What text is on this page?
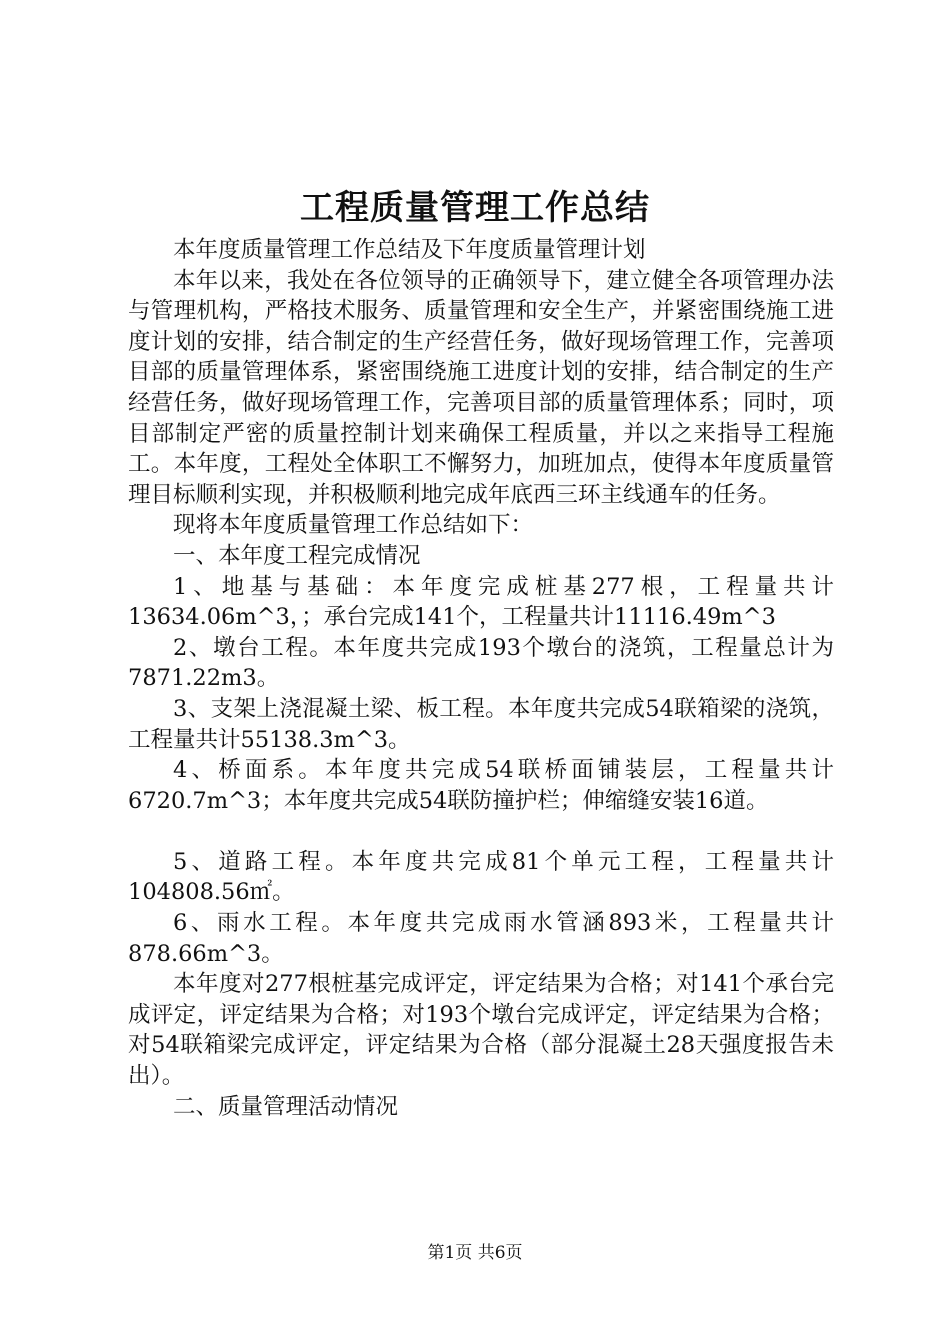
工程质量管理工作总结

本年度质量管理工作总结及下年度质量管理计划

本年以来，我处在各位领导的正确领导下，建立健全各项管理办法与管理机构，严格技术服务、质量管理和安全生产，并紧密围绕施工进度计划的安排，结合制定的生产经营任务，做好现场管理工作，完善项目部的质量管理体系，紧密围绕施工进度计划的安排，结合制定的生产经营任务，做好现场管理工作，完善项目部的质量管理体系；同时，项目部制定严密的质量控制计划来确保工程质量，并以之来指导工程施工。本年度，工程处全体职工不懈努力，加班加点，使得本年度质量管理目标顺利实现，并积极顺利地完成年底西三环主线通车的任务。

现将本年度质量管理工作总结如下：

一、本年度工程完成情况

1、地基与基础：本年度完成桩基277根，工程量共计13634.06m^3，；承台完成141个，工程量共计11116.49m^3

2、墩台工程。本年度共完成193个墩台的浇筑，工程量总计为7871.22m3。

3、支架上浇混凝土梁、板工程。本年度共完成54联箱梁的浇筑，工程量共计55138.3m^3。

4、桥面系。本年度共完成54联桥面铺装层，工程量共计6720.7m^3；本年度共完成54联防撞护栏；伸缩缝安装16道。

5、道路工程。本年度共完成81个单元工程，工程量共计104808.56㎡。

6、雨水工程。本年度共完成雨水管涵893米，工程量共计878.66m^3。

本年度对277根桩基完成评定，评定结果为合格；对141个承台完成评定，评定结果为合格；对193个墩台完成评定，评定结果为合格；对54联箱梁完成评定，评定结果为合格（部分混凝土28天强度报告未出）。

二、质量管理活动情况

第1页 共6页
